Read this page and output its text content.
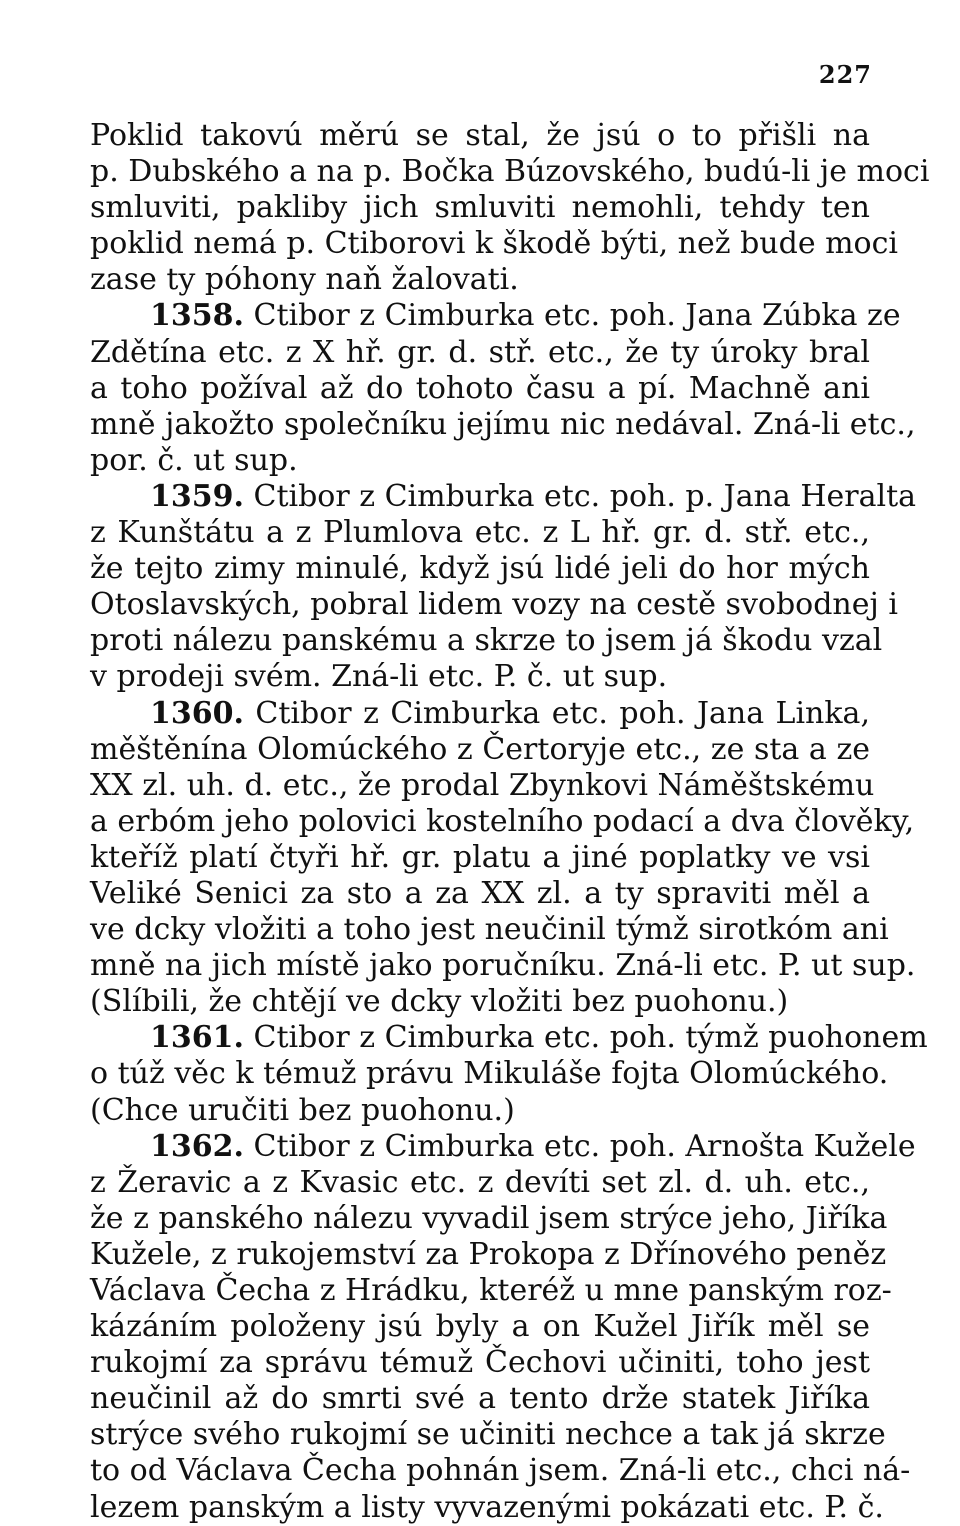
227
Poklid takovú měrú se stal, že jsú o to přišli na
p. Dubského a na p. Bočka Búzovského, budú-li je moci
smluviti, pakliby jich smluviti nemohli, tehdy ten
poklid nemá p. Ctiborovi k škodě býti, než bude moci
zase ty póhony naň žalovati.
1358. Ctibor z Cimburka etc. poh. Jana Zúbka ze
Zdětína etc. z X hř. gr. d. stř. etc., že ty úroky bral
a toho požíval až do tohoto času a pí. Machně ani
mně jakožto společníku jejímu nic nedával. Zná-li etc.,
por. č. ut sup.
1359. Ctibor z Cimburka etc. poh. p. Jana Heralta
z Kunštátu a z Plumlova etc. z L hř. gr. d. stř. etc.,
že tejto zimy minulé, když jsú lidé jeli do hor mých
Otoslavských, pobral lidem vozy na cestě svobodnej i
proti nálezu panskému a skrze to jsem já škodu vzal
v prodeji svém. Zná-li etc. P. č. ut sup.
1360. Ctibor z Cimburka etc. poh. Jana Linka,
měštěnína Olomúckého z Čertoryje etc., ze sta a ze
XX zl. uh. d. etc., že prodal Zbynkovi Náměštskému
a erbóm jeho polovici kostelního podací a dva člověky,
kteříž platí čtyři hř. gr. platu a jiné poplatky ve vsi
Veliké Senici za sto a za XX zl. a ty spraviti měl a
ve dcky vložiti a toho jest neučinil týmž sirotkóm ani
mně na jich místě jako poručníku. Zná-li etc. P. ut sup.
(Slíbili, že chtějí ve dcky vložiti bez puohonu.)
1361. Ctibor z Cimburka etc. poh. týmž puohonem
o túž věc k témuž právu Mikuláše fojta Olomúckého.
(Chce uručiti bez puohonu.)
1362. Ctibor z Cimburka etc. poh. Arnošta Kužele
z Žeravic a z Kvasic etc. z devíti set zl. d. uh. etc.,
že z panského nálezu vyvadil jsem strýce jeho, Jiříka
Kužele, z rukojemství za Prokopa z Dřínového peněz
Václava Čecha z Hrádku, kteréž u mne panským roz-
kázáním položeny jsú byly a on Kužel Jiřík měl se
rukojmí za správu témuž Čechovi učiniti, toho jest
neučinil až do smrti své a tento drže statek Jiříka
strýce svého rukojmí se učiniti nechce a tak já skrze
to od Václava Čecha pohnán jsem. Zná-li etc., chci ná-
lezem panským a listy vyvazenými pokázati etc. P. č.
